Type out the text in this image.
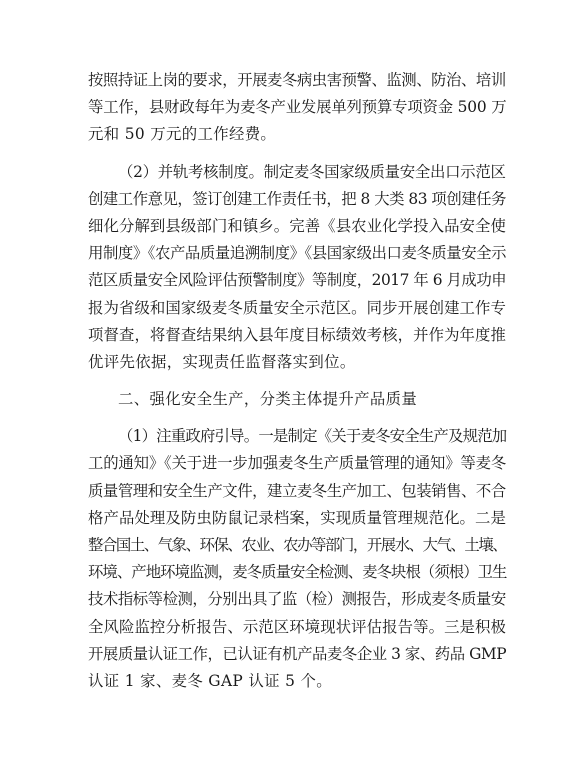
按照持证上岗的要求，开展麦冬病虫害预警、监测、防治、培训
等工作，县财政每年为麦冬产业发展单列预算专项资金 500 万
元和 50 万元的工作经费。
（2）并轨考核制度。制定麦冬国家级质量安全出口示范区
创建工作意见，签订创建工作责任书，把 8 大类 83 项创建任务
细化分解到县级部门和镇乡。完善《县农业化学投入品安全使
用制度》《农产品质量追溯制度》《县国家级出口麦冬质量安全示
范区质量安全风险评估预警制度》等制度，2017 年 6 月成功申
报为省级和国家级麦冬质量安全示范区。同步开展创建工作专
项督查，将督查结果纳入县年度目标绩效考核，并作为年度推
优评先依据，实现责任监督落实到位。
二、强化安全生产，分类主体提升产品质量
（1）注重政府引导。一是制定《关于麦冬安全生产及规范加
工的通知》《关于进一步加强麦冬生产质量管理的通知》等麦冬
质量管理和安全生产文件，建立麦冬生产加工、包装销售、不合
格产品处理及防虫防鼠记录档案，实现质量管理规范化。二是
整合国土、气象、环保、农业、农办等部门，开展水、大气、土壤、
环境、产地环境监测，麦冬质量安全检测、麦冬块根（须根）卫生
技术指标等检测，分别出具了监（检）测报告，形成麦冬质量安
全风险监控分析报告、示范区环境现状评估报告等。三是积极
开展质量认证工作，已认证有机产品麦冬企业 3 家、药品 GMP
认证 1 家、麦冬 GAP 认证 5 个。
